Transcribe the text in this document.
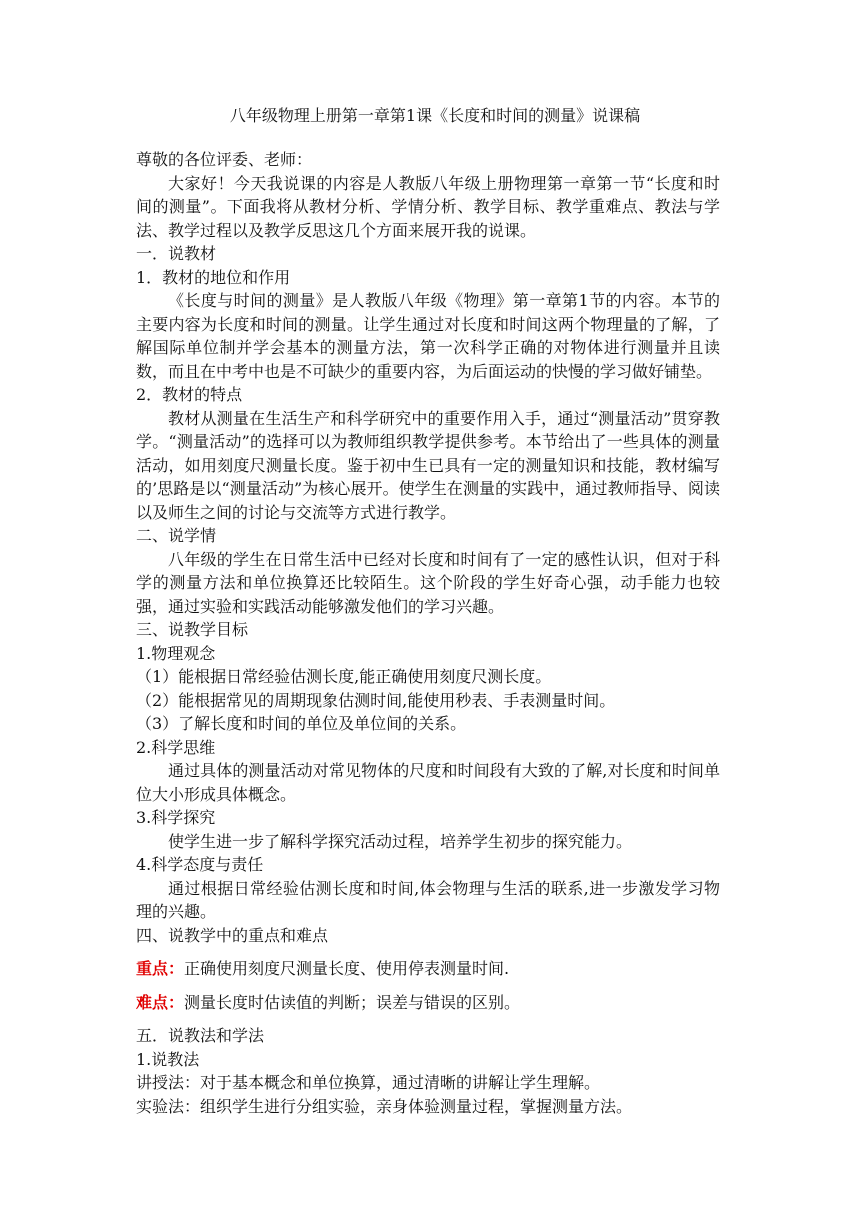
八年级物理上册第一章第1课《长度和时间的测量》说课稿

尊敬的各位评委、老师：

大家好！今天我说课的内容是人教版八年级上册物理第一章第一节“长度和时间的测量”。下面我将从教材分析、学情分析、教学目标、教学重难点、教法与学法、教学过程以及教学反思这几个方面来展开我的说课。

一．说教材

1．教材的地位和作用

《长度与时间的测量》是人教版八年级《物理》第一章第1节的内容。本节的主要内容为长度和时间的测量。让学生通过对长度和时间这两个物理量的了解，了解国际单位制并学会基本的测量方法，第一次科学正确的对物体进行测量并且读数，而且在中考中也是不可缺少的重要内容，为后面运动的快慢的学习做好铺垫。

2．教材的特点

教材从测量在生活生产和科学研究中的重要作用入手，通过“测量活动”贯穿教学。“测量活动”的选择可以为教师组织教学提供参考。本节给出了一些具体的测量活动，如用刻度尺测量长度。鉴于初中生已具有一定的测量知识和技能，教材编写的’思路是以“测量活动”为核心展开。使学生在测量的实践中，通过教师指导、阅读以及师生之间的讨论与交流等方式进行教学。

二、说学情

八年级的学生在日常生活中已经对长度和时间有了一定的感性认识，但对于科学的测量方法和单位换算还比较陌生。这个阶段的学生好奇心强，动手能力也较强，通过实验和实践活动能够激发他们的学习兴趣。

三、说教学目标

1.物理观念

（1）能根据日常经验估测长度,能正确使用刻度尺测长度。

（2）能根据常见的周期现象估测时间,能使用秒表、手表测量时间。

（3）了解长度和时间的单位及单位间的关系。

2.科学思维

通过具体的测量活动对常见物体的尺度和时间段有大致的了解,对长度和时间单位大小形成具体概念。

3.科学探究

使学生进一步了解科学探究活动过程，培养学生初步的探究能力。

4.科学态度与责任

通过根据日常经验估测长度和时间,体会物理与生活的联系,进一步激发学习物理的兴趣。

四、说教学中的重点和难点

重点：正确使用刻度尺测量长度、使用停表测量时间.

难点：测量长度时估读值的判断；误差与错误的区别。

五．说教法和学法

1.说教法

讲授法：对于基本概念和单位换算，通过清晰的讲解让学生理解。

实验法：组织学生进行分组实验，亲身体验测量过程，掌握测量方法。
